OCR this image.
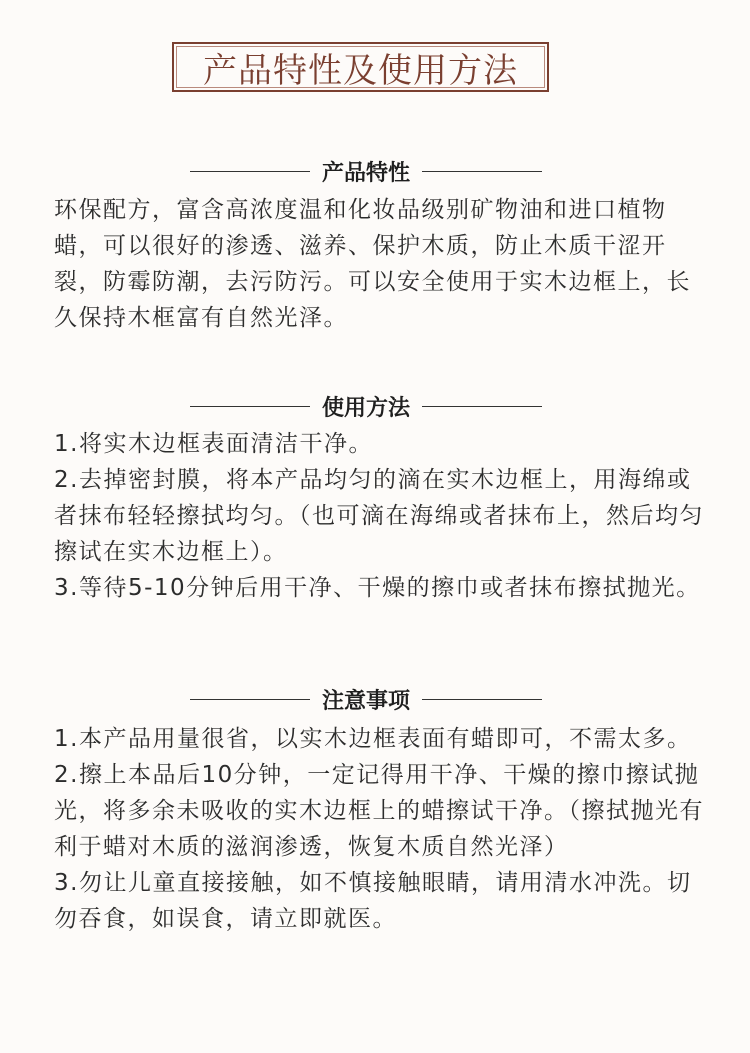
产品特性及使用方法
产品特性

环保配方，富含高浓度温和化妆品级别矿物油和进口植物蜡，可以很好的渗透、滋养、保护木质，防止木质干涩开裂，防霉防潮，去污防污。可以安全使用于实木边框上，长久保持木框富有自然光泽。

使用方法

1.将实木边框表面清洁干净。

2.去掉密封膜，将本产品均匀的滴在实木边框上，用海绵或者抹布轻轻擦拭均匀。（也可滴在海绵或者抹布上，然后均匀擦试在实木边框上）。

3.等待5-10分钟后用干净、干燥的擦巾或者抹布擦拭抛光。

注意事项

1.本产品用量很省，以实木边框表面有蜡即可，不需太多。

2.擦上本品后10分钟，一定记得用干净、干燥的擦巾擦试抛光，将多余未吸收的实木边框上的蜡擦试干净。（擦拭抛光有利于蜡对木质的滋润渗透，恢复木质自然光泽）

3.勿让儿童直接接触，如不慎接触眼睛，请用清水冲洗。切勿吞食，如误食，请立即就医。
